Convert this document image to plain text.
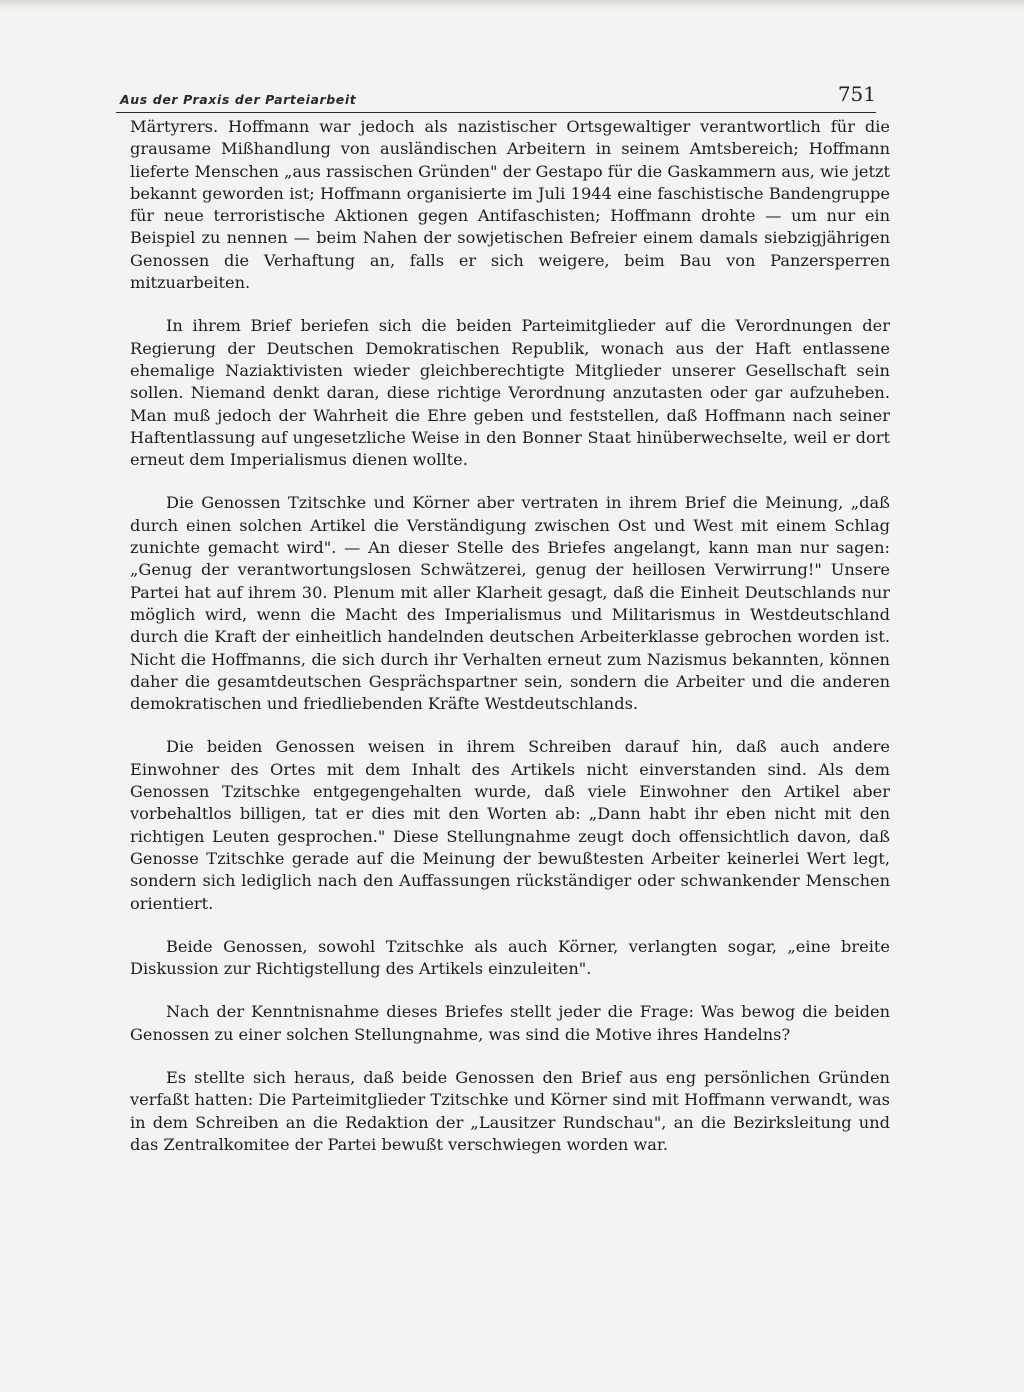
Aus der Praxis der Parteiarbeit	751

Märtyrers. Hoffmann war jedoch als nazistischer Ortsgewaltiger verantwortlich für die grausame Mißhandlung von ausländischen Arbeitern in seinem Amtsbereich; Hoffmann lieferte Menschen „aus rassischen Gründen" der Gestapo für die Gaskammern aus, wie jetzt bekannt geworden ist; Hoffmann organisierte im Juli 1944 eine faschistische Bandengruppe für neue terroristische Aktionen gegen Antifaschisten; Hoffmann drohte — um nur ein Beispiel zu nennen — beim Nahen der sowjetischen Befreier einem damals siebzigjährigen Genossen die Verhaftung an, falls er sich weigere, beim Bau von Panzersperren mitzuarbeiten.

In ihrem Brief beriefen sich die beiden Parteimitglieder auf die Verordnungen der Regierung der Deutschen Demokratischen Republik, wonach aus der Haft entlassene ehemalige Naziaktivisten wieder gleichberechtigte Mitglieder unserer Gesellschaft sein sollen. Niemand denkt daran, diese richtige Verordnung anzutasten oder gar aufzuheben. Man muß jedoch der Wahrheit die Ehre geben und feststellen, daß Hoffmann nach seiner Haftentlassung auf ungesetzliche Weise in den Bonner Staat hinüberwechselte, weil er dort erneut dem Imperialismus dienen wollte.

Die Genossen Tzitschke und Körner aber vertraten in ihrem Brief die Meinung, „daß durch einen solchen Artikel die Verständigung zwischen Ost und West mit einem Schlag zunichte gemacht wird". — An dieser Stelle des Briefes angelangt, kann man nur sagen: „Genug der verantwortungslosen Schwätzerei, genug der heillosen Verwirrung!" Unsere Partei hat auf ihrem 30. Plenum mit aller Klarheit gesagt, daß die Einheit Deutschlands nur möglich wird, wenn die Macht des Imperialismus und Militarismus in Westdeutschland durch die Kraft der einheitlich handelnden deutschen Arbeiterklasse gebrochen worden ist. Nicht die Hoffmanns, die sich durch ihr Verhalten erneut zum Nazismus bekannten, können daher die gesamtdeutschen Gesprächspartner sein, sondern die Arbeiter und die anderen demokratischen und friedliebenden Kräfte Westdeutschlands.

Die beiden Genossen weisen in ihrem Schreiben darauf hin, daß auch andere Einwohner des Ortes mit dem Inhalt des Artikels nicht einverstanden sind. Als dem Genossen Tzitschke entgegengehalten wurde, daß viele Einwohner den Artikel aber vorbehaltlos billigen, tat er dies mit den Worten ab: „Dann habt ihr eben nicht mit den richtigen Leuten gesprochen." Diese Stellungnahme zeugt doch offensichtlich davon, daß Genosse Tzitschke gerade auf die Meinung der bewußtesten Arbeiter keinerlei Wert legt, sondern sich lediglich nach den Auffassungen rückständiger oder schwankender Menschen orientiert.

Beide Genossen, sowohl Tzitschke als auch Körner, verlangten sogar, „eine breite Diskussion zur Richtigstellung des Artikels einzuleiten".

Nach der Kenntnisnahme dieses Briefes stellt jeder die Frage: Was bewog die beiden Genossen zu einer solchen Stellungnahme, was sind die Motive ihres Handelns?

Es stellte sich heraus, daß beide Genossen den Brief aus eng persönlichen Gründen verfaßt hatten: Die Parteimitglieder Tzitschke und Körner sind mit Hoffmann verwandt, was in dem Schreiben an die Redaktion der „Lausitzer Rundschau", an die Bezirksleitung und das Zentralkomitee der Partei bewußt verschwiegen worden war.
